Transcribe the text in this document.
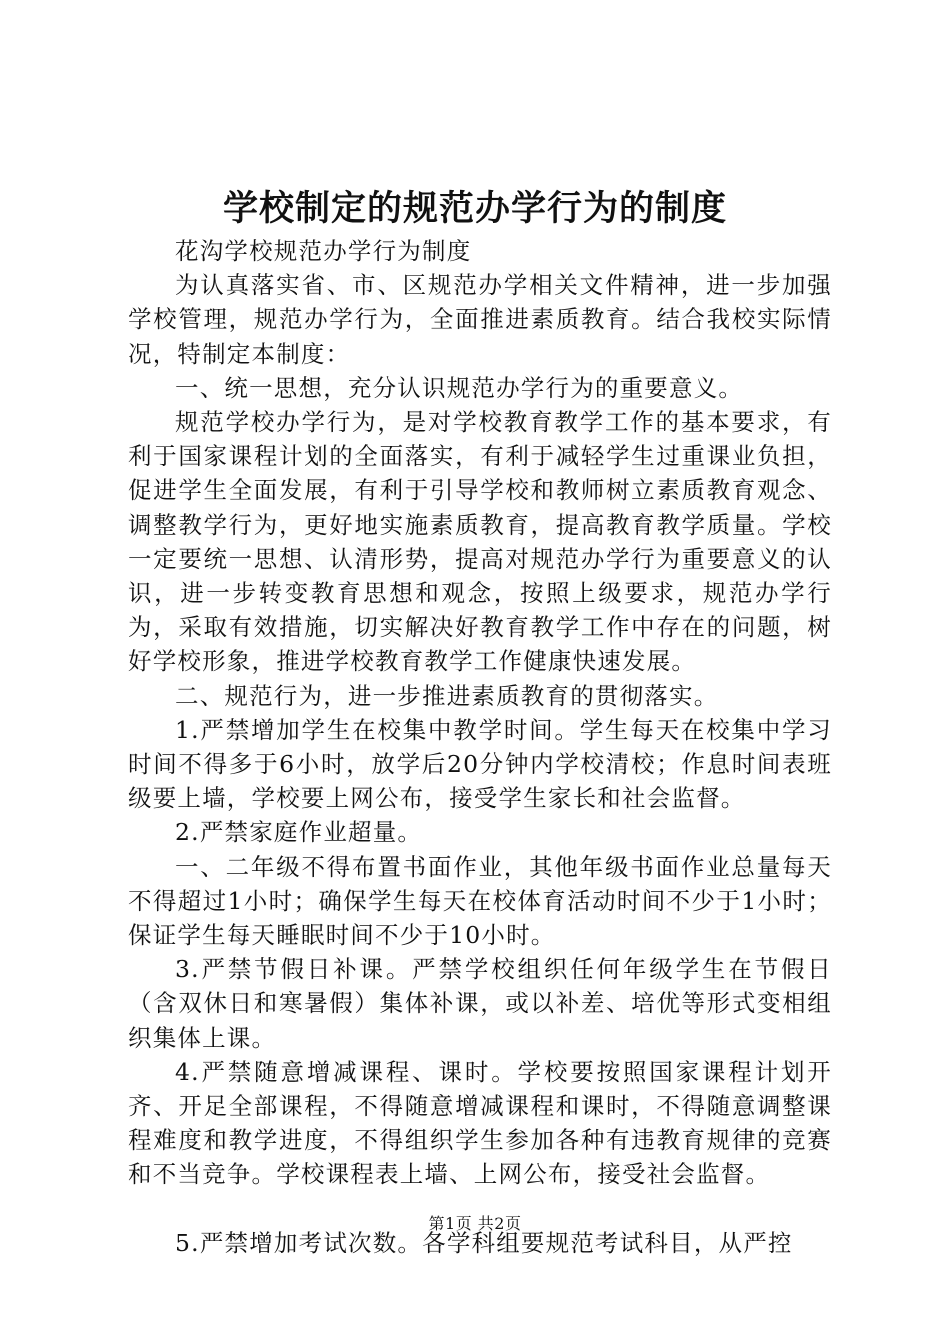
学校制定的规范办学行为的制度

花沟学校规范办学行为制度

为认真落实省、市、区规范办学相关文件精神，进一步加强学校管理，规范办学行为，全面推进素质教育。结合我校实际情况，特制定本制度：

一、统一思想，充分认识规范办学行为的重要意义。

规范学校办学行为，是对学校教育教学工作的基本要求，有利于国家课程计划的全面落实，有利于减轻学生过重课业负担，促进学生全面发展，有利于引导学校和教师树立素质教育观念、调整教学行为，更好地实施素质教育，提高教育教学质量。学校一定要统一思想、认清形势，提高对规范办学行为重要意义的认识，进一步转变教育思想和观念，按照上级要求，规范办学行为，采取有效措施，切实解决好教育教学工作中存在的问题，树好学校形象，推进学校教育教学工作健康快速发展。

二、规范行为，进一步推进素质教育的贯彻落实。

1.严禁增加学生在校集中教学时间。学生每天在校集中学习时间不得多于6小时，放学后20分钟内学校清校；作息时间表班级要上墙，学校要上网公布，接受学生家长和社会监督。

2.严禁家庭作业超量。

一、二年级不得布置书面作业，其他年级书面作业总量每天不得超过1小时；确保学生每天在校体育活动时间不少于1小时；保证学生每天睡眠时间不少于10小时。

3.严禁节假日补课。严禁学校组织任何年级学生在节假日（含双休日和寒暑假）集体补课，或以补差、培优等形式变相组织集体上课。

4.严禁随意增减课程、课时。学校要按照国家课程计划开齐、开足全部课程，不得随意增减课程和课时，不得随意调整课程难度和教学进度，不得组织学生参加各种有违教育规律的竞赛和不当竞争。学校课程表上墙、上网公布，接受社会监督。

5.严禁增加考试次数。各学科组要规范考试科目，从严控

第1页 共2页
